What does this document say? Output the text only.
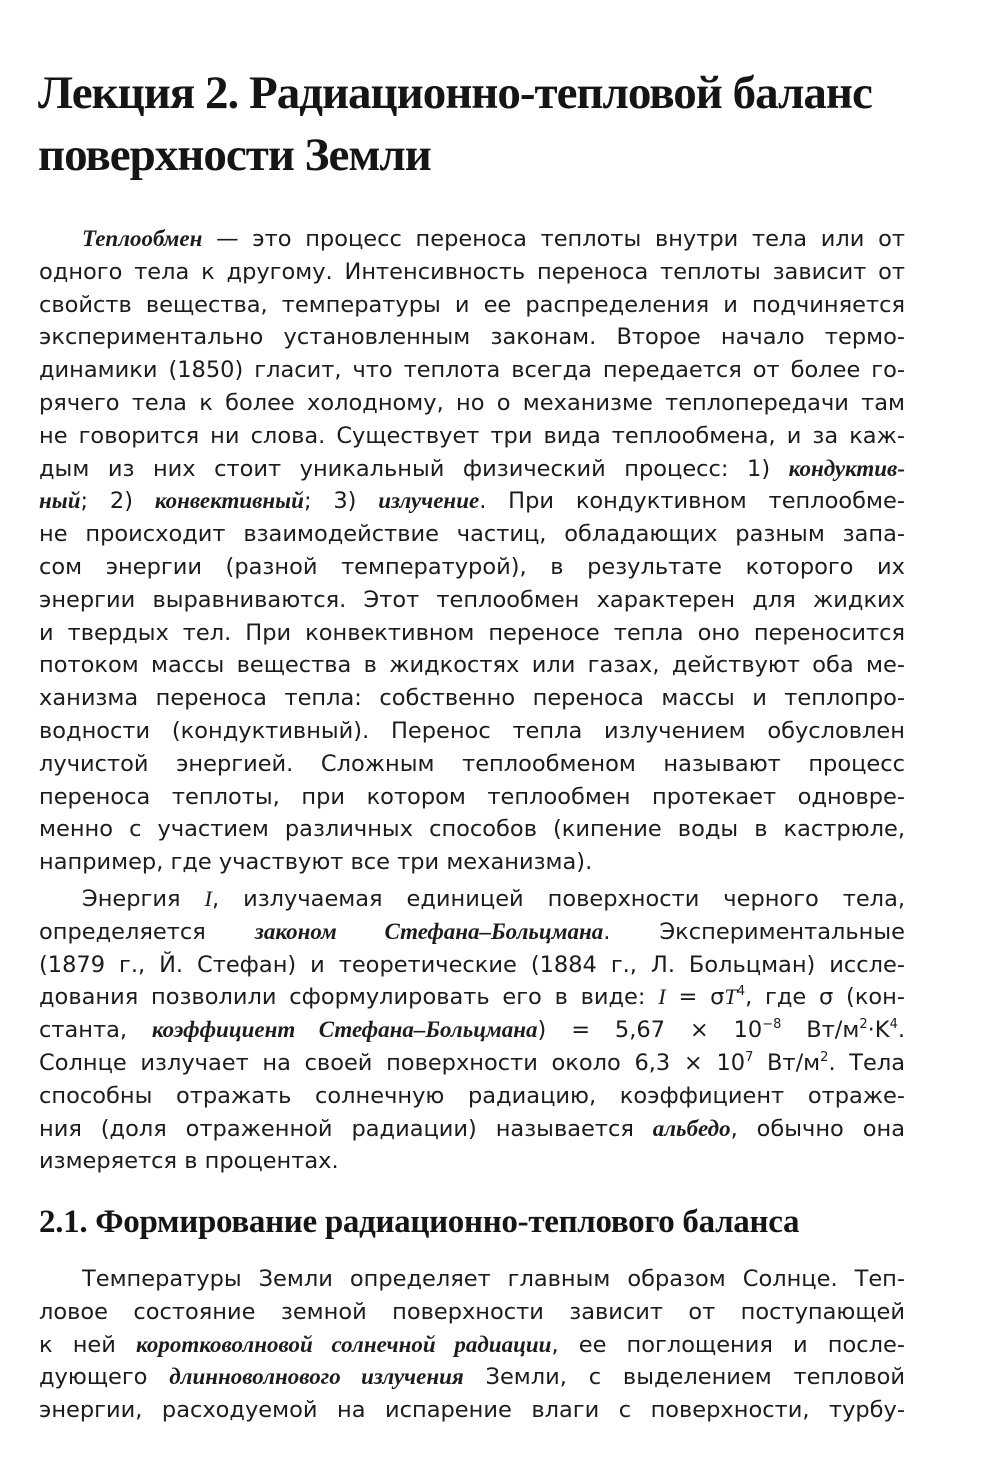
Лекция 2. Радиационно-тепловой баланс
поверхности Земли
Теплообмен — это процесс переноса теплоты внутри тела или от
одного тела к другому. Интенсивность переноса теплоты зависит от
свойств вещества, температуры и ее распределения и подчиняется
экспериментально установленным законам. Второе начало термо-
динамики (1850) гласит, что теплота всегда передается от более го-
рячего тела к более холодному, но о механизме теплопередачи там
не говорится ни слова. Существует три вида теплообмена, и за каж-
дым из них стоит уникальный физический процесс: 1) кондуктив-
ный; 2) конвективный; 3) излучение. При кондуктивном теплообме-
не происходит взаимодействие частиц, обладающих разным запа-
сом энергии (разной температурой), в результате которого их
энергии выравниваются. Этот теплообмен характерен для жидких
и твердых тел. При конвективном переносе тепла оно переносится
потоком массы вещества в жидкостях или газах, действуют оба ме-
ханизма переноса тепла: собственно переноса массы и теплопро-
водности (кондуктивный). Перенос тепла излучением обусловлен
лучистой энергией. Сложным теплообменом называют процесс
переноса теплоты, при котором теплообмен протекает одновре-
менно с участием различных способов (кипение воды в кастрюле,
например, где участвуют все три механизма).
Энергия I, излучаемая единицей поверхности черного тела,
определяется законом Стефана–Больцмана. Экспериментальные
(1879 г., Й. Стефан) и теоретические (1884 г., Л. Больцман) иссле-
дования позволили сформулировать его в виде: $I = \sigma T^4$, где σ (кон-
станта, коэффициент Стефана–Больцмана) = $5,67 \times 10^{-8}$ $Вт/м^2\cdot K^4$.
Солнце излучает на своей поверхности около $6,3 \times 10^7$ $Вт/м^2$. Тела
способны отражать солнечную радиацию, коэффициент отраже-
ния (доля отраженной радиации) называется альбедо, обычно она
измеряется в процентах.
2.1. Формирование радиационно-теплового баланса
Температуры Земли определяет главным образом Солнце. Теп-
ловое состояние земной поверхности зависит от поступающей
к ней коротковолновой солнечной радиации, ее поглощения и после-
дующего длинноволнового излучения Земли, с выделением тепловой
энергии, расходуемой на испарение влаги с поверхности, турбу-
